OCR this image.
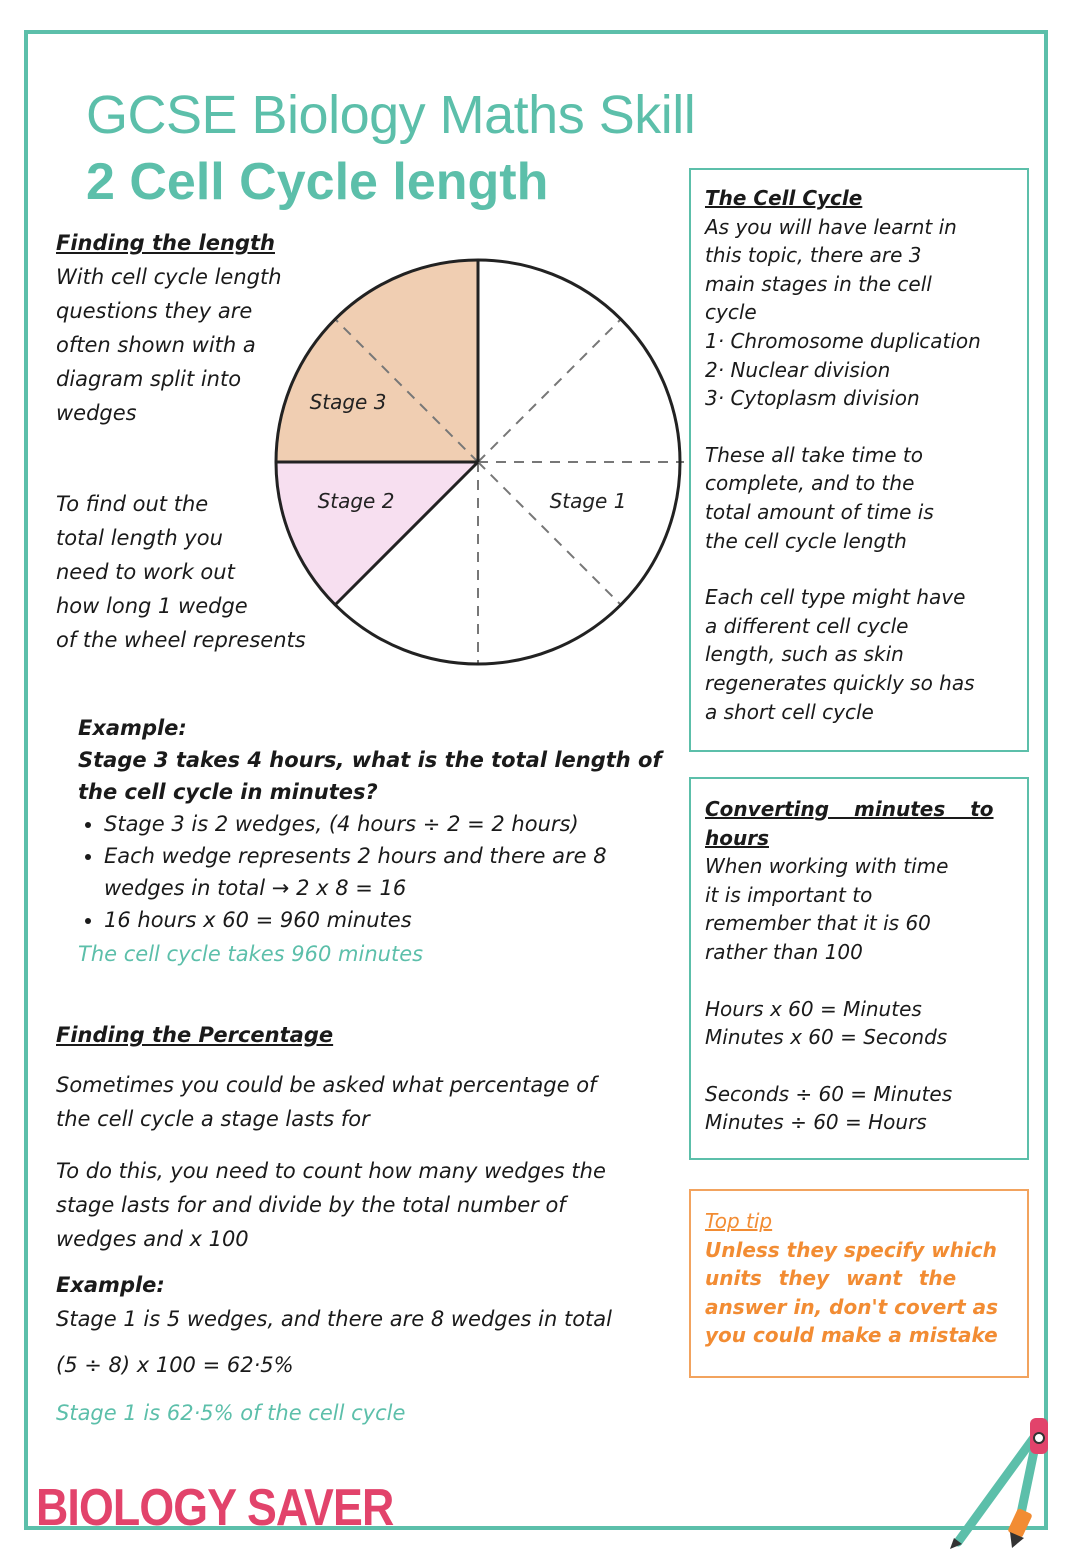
GCSE Biology Maths Skill
2 Cell Cycle length
Finding the length
With cell cycle length
questions they are
often shown with a
diagram split into
wedges
To find out the
total length you
need to work out
how long 1 wedge
of the wheel represents
Stage 3
Stage 2	Stage 1
Example:
Stage 3 takes 4 hours, what is the total length of
the cell cycle in minutes?
• Stage 3 is 2 wedges, (4 hours ÷ 2 = 2 hours)
• Each wedge represents 2 hours and there are 8
wedges in total → 2 x 8 = 16
• 16 hours x 60 = 960 minutes
The cell cycle takes 960 minutes
Finding the Percentage
Sometimes you could be asked what percentage of
the cell cycle a stage lasts for
To do this, you need to count how many wedges the
stage lasts for and divide by the total number of
wedges and x 100
Example:
Stage 1 is 5 wedges, and there are 8 wedges in total
(5 ÷ 8) x 100 = 62·5%
Stage 1 is 62·5% of the cell cycle
The Cell Cycle
As you will have learnt in
this topic, there are 3
main stages in the cell
cycle
1· Chromosome duplication
2· Nuclear division
3· Cytoplasm division
These all take time to
complete, and to the
total amount of time is
the cell cycle length
Each cell type might have
a different cell cycle
length, such as skin
regenerates quickly so has
a short cell cycle
Converting minutes to
hours
When working with time
it is important to
remember that it is 60
rather than 100
Hours x 60 = Minutes
Minutes x 60 = Seconds
Seconds ÷ 60 = Minutes
Minutes ÷ 60 = Hours
Top tip
Unless they specify which
units they want the
answer in, don't covert as
you could make a mistake
BIOLOGY SAVER
